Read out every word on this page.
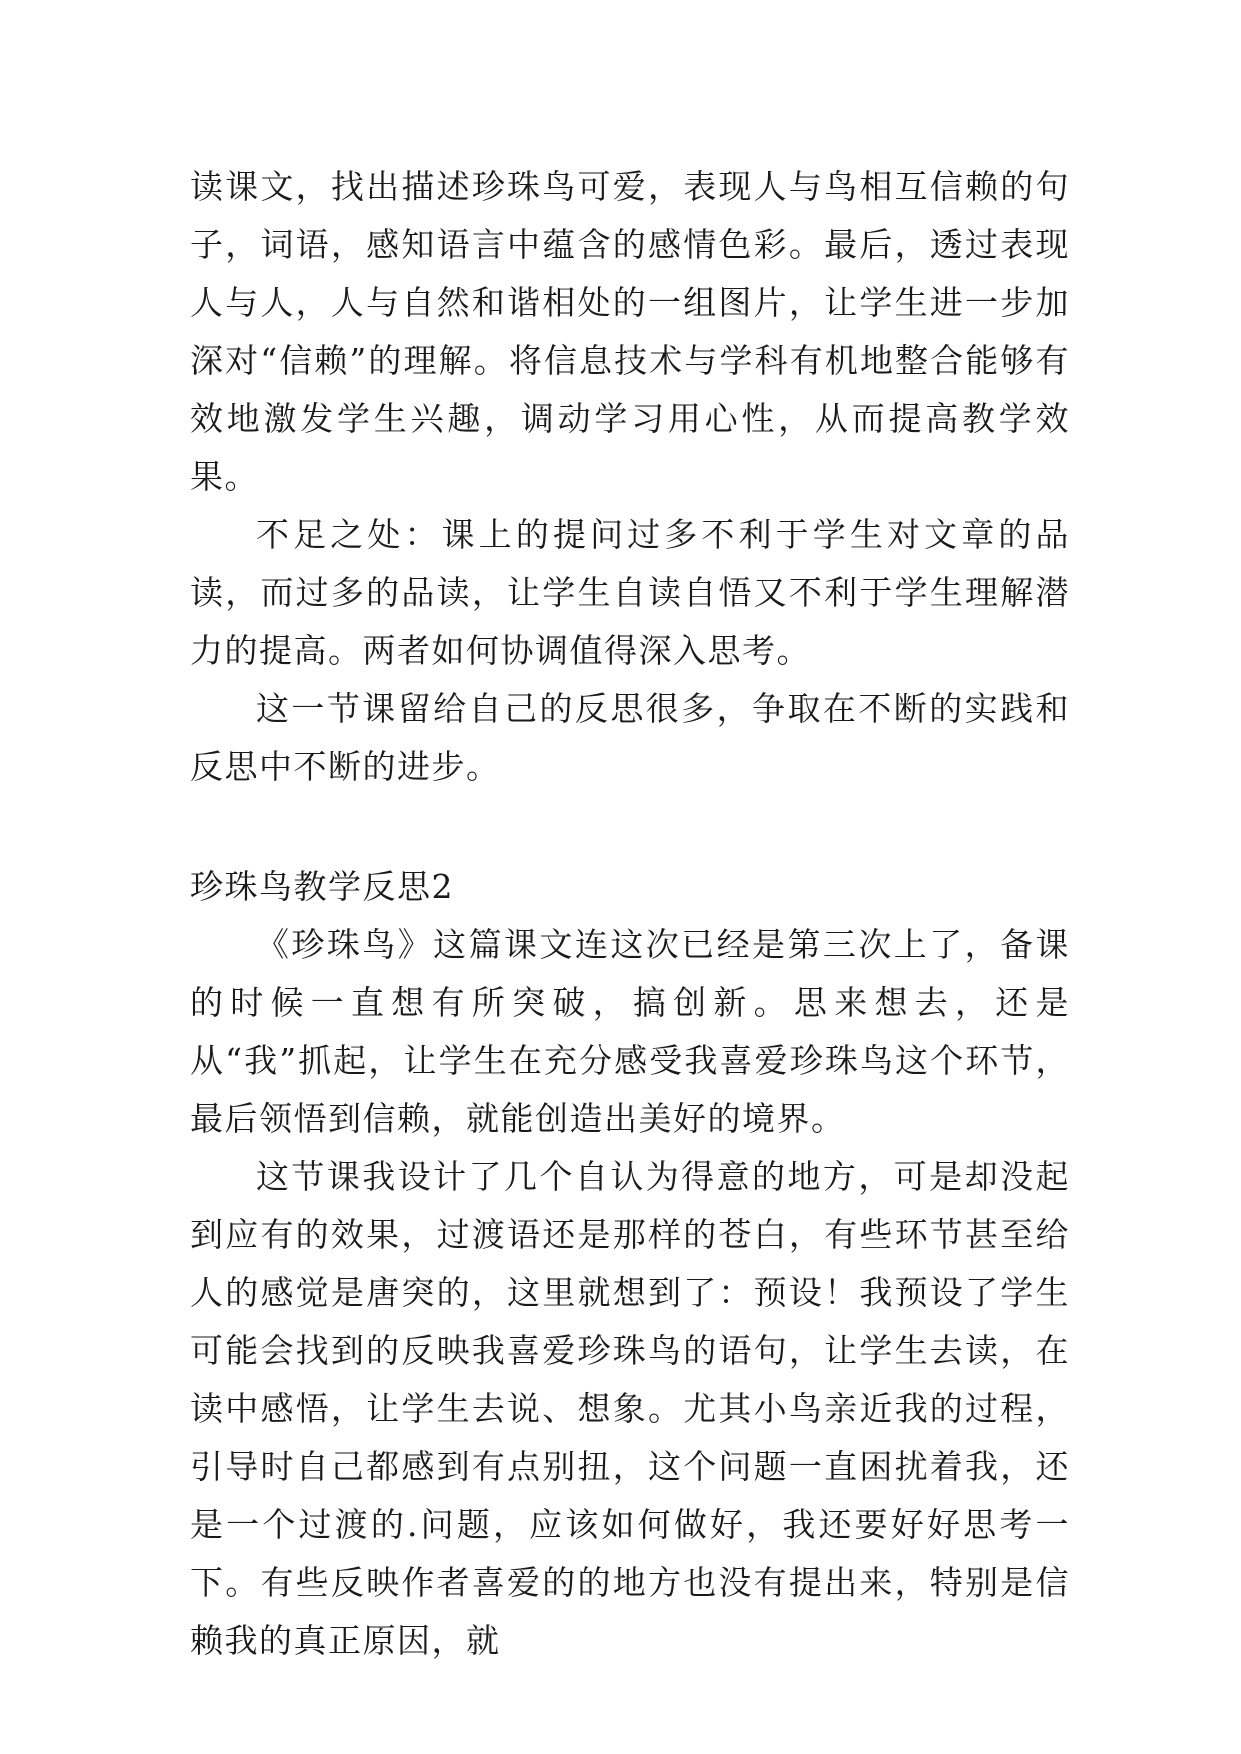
读课文，找出描述珍珠鸟可爱，表现人与鸟相互信赖的句子，词语，感知语言中蕴含的感情色彩。最后，透过表现人与人，人与自然和谐相处的一组图片，让学生进一步加深对“信赖”的理解。将信息技术与学科有机地整合能够有效地激发学生兴趣，调动学习用心性，从而提高教学效果。

不足之处：课上的提问过多不利于学生对文章的品读，而过多的品读，让学生自读自悟又不利于学生理解潜力的提高。两者如何协调值得深入思考。

这一节课留给自己的反思很多，争取在不断的实践和反思中不断的进步。

珍珠鸟教学反思2

《珍珠鸟》这篇课文连这次已经是第三次上了，备课的时候一直想有所突破，搞创新。思来想去，还是从“我”抓起，让学生在充分感受我喜爱珍珠鸟这个环节，最后领悟到信赖，就能创造出美好的境界。

这节课我设计了几个自认为得意的地方，可是却没起到应有的效果，过渡语还是那样的苍白，有些环节甚至给人的感觉是唐突的，这里就想到了：预设！我预设了学生可能会找到的反映我喜爱珍珠鸟的语句，让学生去读，在读中感悟，让学生去说、想象。尤其小鸟亲近我的过程，引导时自己都感到有点别扭，这个问题一直困扰着我，还是一个过渡的.问题，应该如何做好，我还要好好思考一下。有些反映作者喜爱的的地方也没有提出来，特别是信赖我的真正原因，就
